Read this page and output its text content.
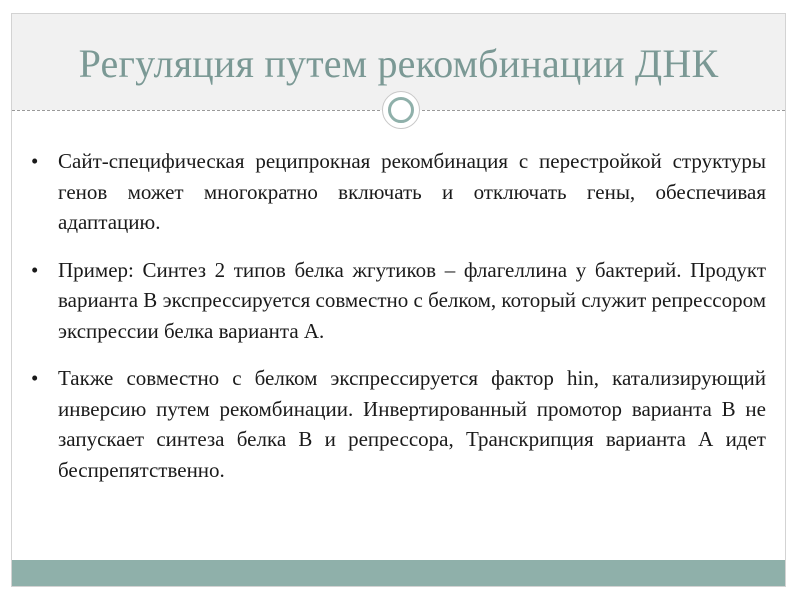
Регуляция путем рекомбинации ДНК
• Сайт-специфическая реципрокная рекомбинация с перестройкой структуры генов может многократно включать и отключать гены, обеспечивая адаптацию.
• Пример: Синтез 2 типов белка жгутиков – флагеллина у бактерий. Продукт варианта В экспрессируется совместно с белком, который служит репрессором экспрессии белка варианта А.
• Также совместно с белком экспрессируется фактор hin, катализирующий инверсию путем рекомбинации. Инвертированный промотор варианта В не запускает синтеза белка В и репрессора, Транскрипция варианта А идет беспрепятственно.
